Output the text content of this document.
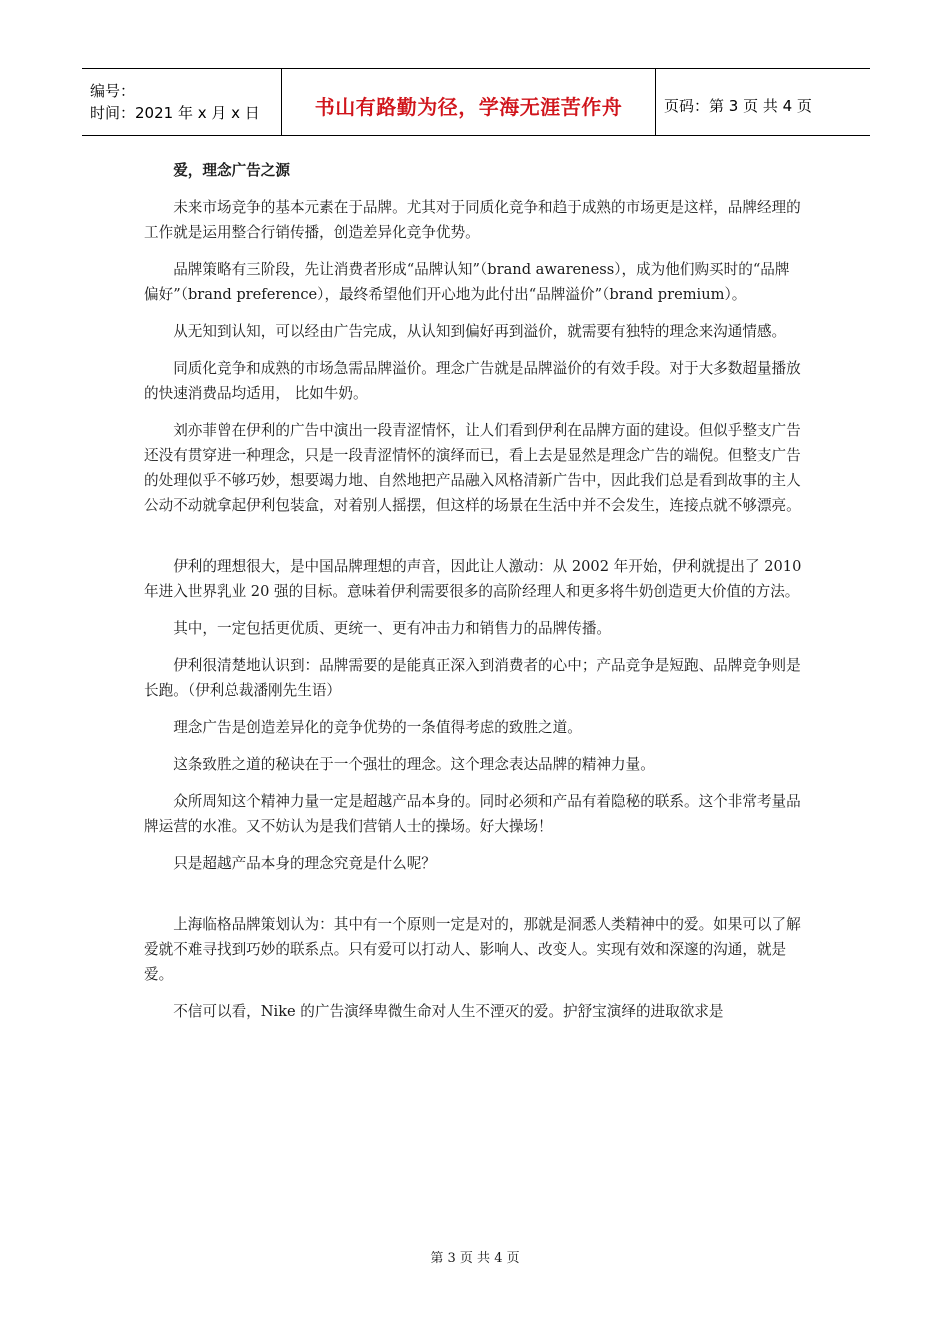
编号：
时间：2021 年 x 月 x 日	书山有路勤为径，学海无涯苦作舟	页码：第 3 页 共 4 页

爱，理念广告之源

未来市场竞争的基本元素在于品牌。尤其对于同质化竞争和趋于成熟的市场更是这样，品牌经理的工作就是运用整合行销传播，创造差异化竞争优势。

品牌策略有三阶段，先让消费者形成“品牌认知”（brand awareness），成为他们购买时的“品牌偏好”（brand preference），最终希望他们开心地为此付出“品牌溢价”（brand premium）。

从无知到认知，可以经由广告完成，从认知到偏好再到溢价，就需要有独特的理念来沟通情感。

同质化竞争和成熟的市场急需品牌溢价。理念广告就是品牌溢价的有效手段。对于大多数超量播放的快速消费品均适用， 比如牛奶。

刘亦菲曾在伊利的广告中演出一段青涩情怀，让人们看到伊利在品牌方面的建设。但似乎整支广告还没有贯穿进一种理念，只是一段青涩情怀的演绎而已，看上去是显然是理念广告的端倪。但整支广告的处理似乎不够巧妙，想要竭力地、自然地把产品融入风格清新广告中，因此我们总是看到故事的主人公动不动就拿起伊利包装盒，对着别人摇摆，但这样的场景在生活中并不会发生，连接点就不够漂亮。

伊利的理想很大，是中国品牌理想的声音，因此让人激动：从 2002 年开始，伊利就提出了 2010 年进入世界乳业 20 强的目标。意味着伊利需要很多的高阶经理人和更多将牛奶创造更大价值的方法。

其中，一定包括更优质、更统一、更有冲击力和销售力的品牌传播。

伊利很清楚地认识到：品牌需要的是能真正深入到消费者的心中；产品竞争是短跑、品牌竞争则是长跑。（伊利总裁潘刚先生语）

理念广告是创造差异化的竞争优势的一条值得考虑的致胜之道。

这条致胜之道的秘诀在于一个强壮的理念。这个理念表达品牌的精神力量。

众所周知这个精神力量一定是超越产品本身的。同时必须和产品有着隐秘的联系。这个非常考量品牌运营的水准。又不妨认为是我们营销人士的操场。好大操场！

只是超越产品本身的理念究竟是什么呢？

上海临格品牌策划认为：其中有一个原则一定是对的，那就是洞悉人类精神中的爱。如果可以了解爱就不难寻找到巧妙的联系点。只有爱可以打动人、影响人、改变人。实现有效和深邃的沟通，就是爱。

不信可以看，Nike 的广告演绎卑微生命对人生不湮灭的爱。护舒宝演绎的进取欲求是

第 3 页 共 4 页
